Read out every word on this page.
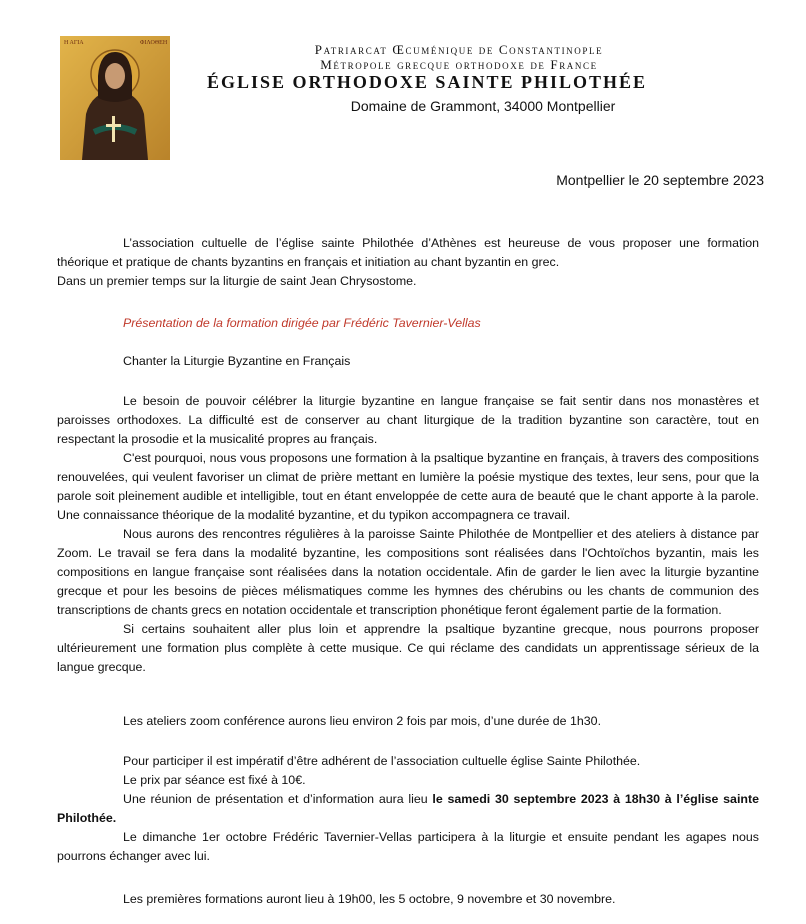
Η ΑΓΙΑ	ΦΙΛΟΘΕΗ	Patriarcat Œcuménique de Constantinople
Métropole grecque orthodoxe de France
ÉGLISE ORTHODOXE SAINTE PHILOTHÉE
Domaine de Grammont, 34000 Montpellier
Montpellier le 20 septembre 2023

L’association cultuelle de l’église sainte Philothée d’Athènes est heureuse de vous proposer une formation théorique et pratique de chants byzantins en français et initiation au chant byzantin en grec.

Dans un premier temps sur la liturgie de saint Jean Chrysostome.

Présentation de la formation dirigée par Frédéric Tavernier-Vellas
Chanter la Liturgie Byzantine en Français

Le besoin de pouvoir célébrer la liturgie byzantine en langue française se fait sentir dans nos monastères et paroisses orthodoxes. La difficulté est de conserver au chant liturgique de la tradition byzantine son caractère, tout en respectant la prosodie et la musicalité propres au français.

C'est pourquoi, nous vous proposons une formation à la psaltique byzantine en français, à travers des compositions renouvelées, qui veulent favoriser un climat de prière mettant en lumière la poésie mystique des textes, leur sens, pour que la parole soit pleinement audible et intelligible, tout en étant enveloppée de cette aura de beauté que le chant apporte à la parole. Une connaissance théorique de la modalité byzantine, et du typikon accompagnera ce travail.

Nous aurons des rencontres régulières à la paroisse Sainte Philothée de Montpellier et des ateliers à distance par Zoom. Le travail se fera dans la modalité byzantine, les compositions sont réalisées dans l'Ochtoïchos byzantin, mais les compositions en langue française sont réalisées dans la notation occidentale. Afin de garder le lien avec la liturgie byzantine grecque et pour les besoins de pièces mélismatiques comme les hymnes des chérubins ou les chants de communion des transcriptions de chants grecs en notation occidentale et transcription phonétique feront également partie de la formation.

Si certains souhaitent aller plus loin et apprendre la psaltique byzantine grecque, nous pourrons proposer ultérieurement une formation plus complète à cette musique. Ce qui réclame des candidats un apprentissage sérieux de la langue grecque.

Les ateliers zoom conférence aurons lieu environ 2 fois par mois, d’une durée de 1h30.

Pour participer il est impératif d’être adhérent de l’association cultuelle église Sainte Philothée.

Le prix par séance est fixé à 10€.

Une réunion de présentation et d’information aura lieu le samedi 30 septembre 2023 à 18h30 à l’église sainte Philothée.

Le dimanche 1er octobre Frédéric Tavernier-Vellas participera à la liturgie et ensuite pendant les agapes nous pourrons échanger avec lui.

Les premières formations auront lieu à 19h00, les 5 octobre, 9 novembre et 30 novembre.
